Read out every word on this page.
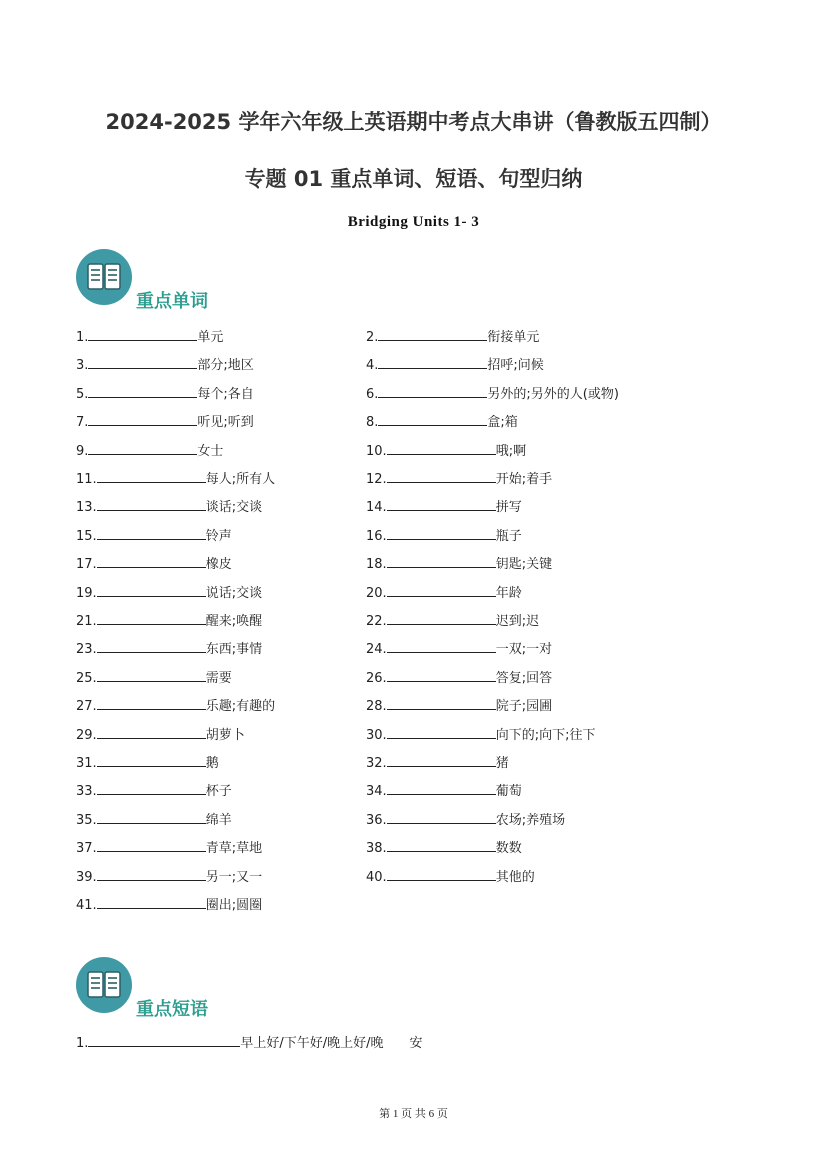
2024-2025 学年六年级上英语期中考点大串讲（鲁教版五四制）
专题 01 重点单词、短语、句型归纳
Bridging Units 1- 3
重点单词
1.	单元	2.	衔接单元
3.	部分;地区	4.	招呼;问候
5.	每个;各自	6.	另外的;另外的人(或物)
7.	听见;听到	8.	盒;箱
9.	女士	10.	哦;啊
11.	每人;所有人	12.	开始;着手
13.	谈话;交谈	14.	拼写
15.	铃声	16.	瓶子
17.	橡皮	18.	钥匙;关键
19.	说话;交谈	20.	年龄
21.	醒来;唤醒	22.	迟到;迟
23.	东西;事情	24.	一双;一对
25.	需要	26.	答复;回答
27.	乐趣;有趣的	28.	院子;园圃
29.	胡萝卜	30.	向下的;向下;往下
31.	鹅	32.	猪
33.	杯子	34.	葡萄
35.	绵羊	36.	农场;养殖场
37.	青草;草地	38.	数数
39.	另一;又一	40.	其他的
41.	圈出;圆圈
重点短语
1.	早上好/下午好/晚上好/晚　　安
第 1 页 共 6 页
